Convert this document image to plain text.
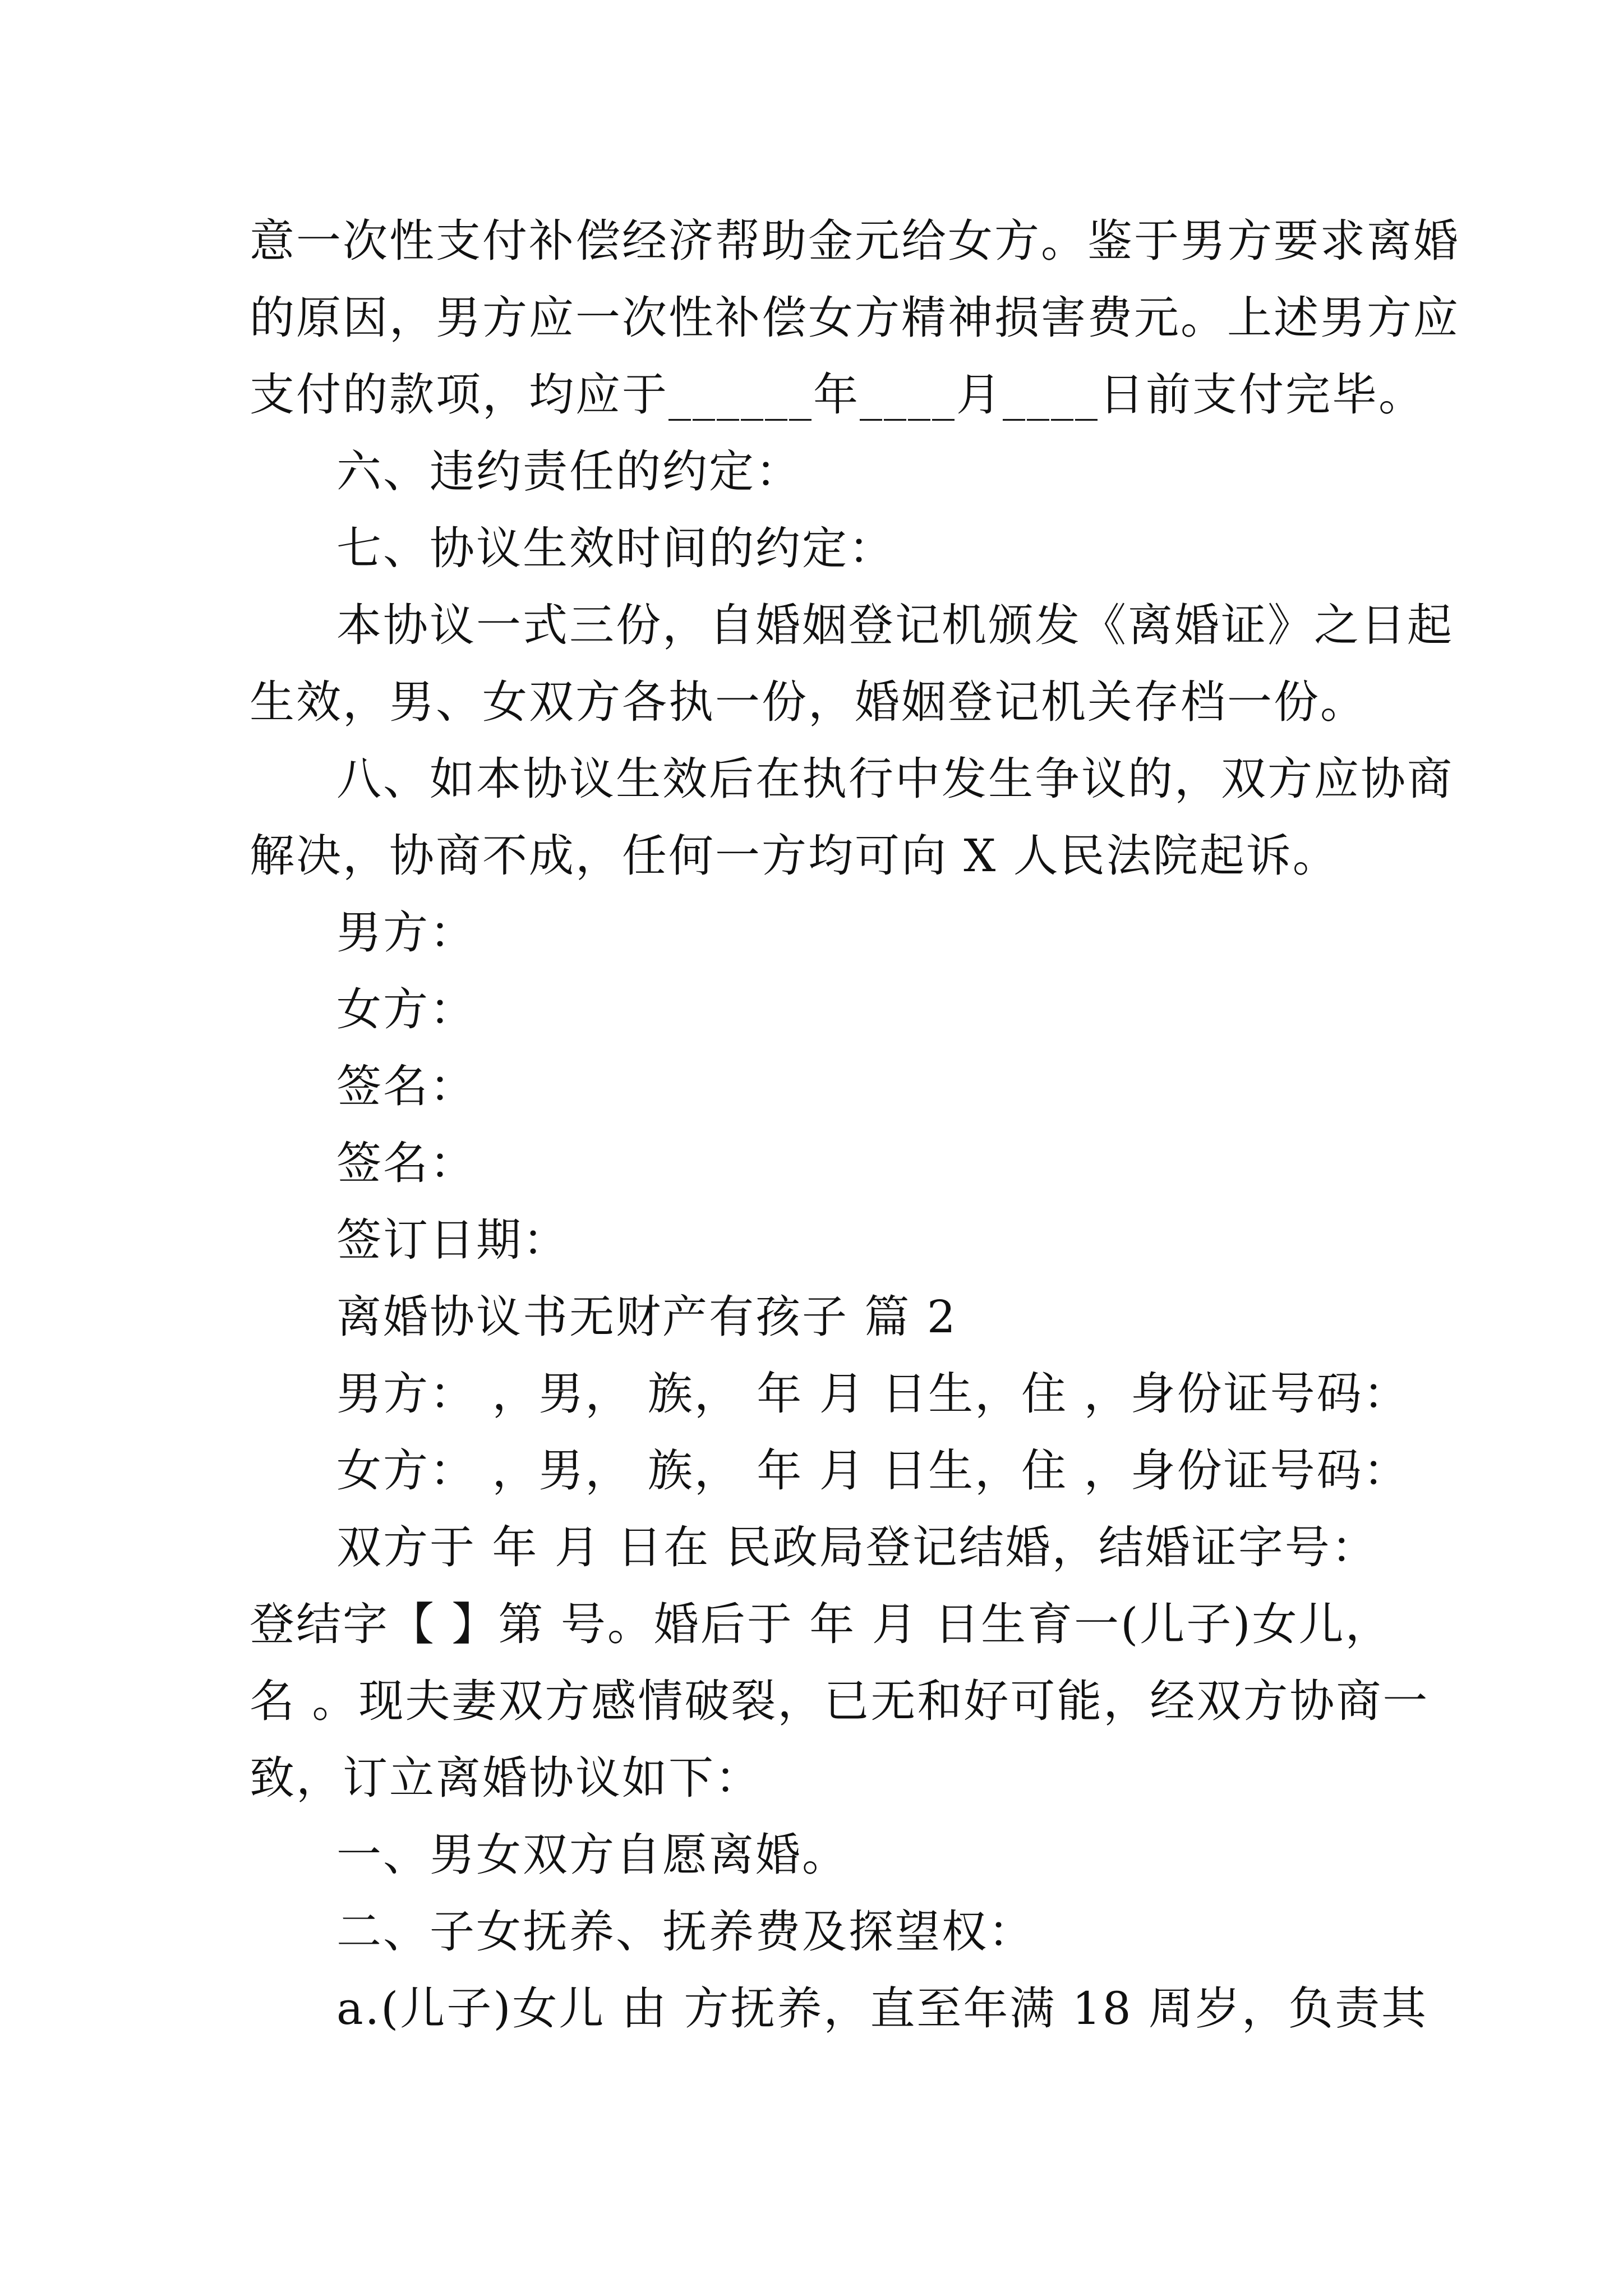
意一次性支付补偿经济帮助金元给女方。鉴于男方要求离婚
的原因，男方应一次性补偿女方精神损害费元。上述男方应
支付的款项，均应于______年____月____日前支付完毕。
六、违约责任的约定：
七、协议生效时间的约定：
本协议一式三份，自婚姻登记机颁发《离婚证》之日起
生效，男、女双方各执一份，婚姻登记机关存档一份。
八、如本协议生效后在执行中发生争议的，双方应协商
解决，协商不成，任何一方均可向 X 人民法院起诉。
男方：
女方：
签名：
签名：
签订日期：
离婚协议书无财产有孩子 篇 2
男方： ，男， 族， 年 月 日生，住 ，身份证号码：
女方： ，男， 族， 年 月 日生，住 ，身份证号码：
双方于 年 月 日在 民政局登记结婚，结婚证字号：
登结字【 】第 号。婚后于 年 月 日生育一(儿子)女儿，
名 。现夫妻双方感情破裂，已无和好可能，经双方协商一
致，订立离婚协议如下：
一、男女双方自愿离婚。
二、子女抚养、抚养费及探望权：
a.(儿子)女儿 由 方抚养，直至年满 18 周岁，负责其
